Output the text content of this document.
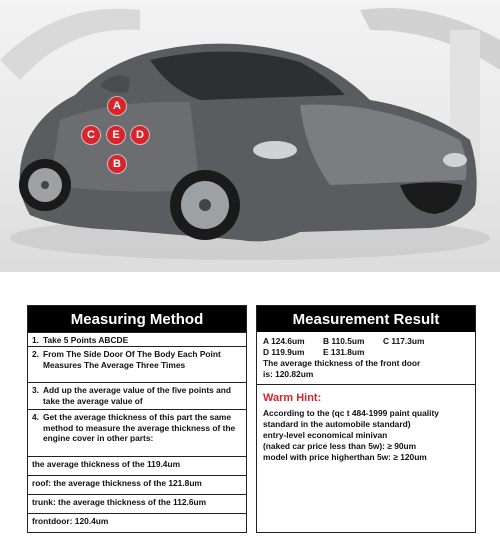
A
C	E	D
B
Measuring Method
1. Take 5 Points ABCDE
2. From The Side Door Of The Body Each Point Measures The Average Three Times
3. Add up the average value of the five points and take the average value of
4. Get the average thickness of this part the same method to measure the average thickness of the engine cover in other parts:
the average thickness of the 119.4um
roof: the average thickness of the 121.8um
trunk: the average thickness of the 112.6um
frontdoor: 120.4um
Measurement Result
A 124.6um	B 110.5um	C 117.3um
D 119.9um	E 131.8um
The average thickness of the front door
is: 120.82um
Warm Hint:
According to the (qc t 484-1999 paint quality
standard in the automobile standard)
entry-level economical minivan
(naked car price less than 5w): ≥ 90um
model with price higherthan 5w: ≥ 120um
